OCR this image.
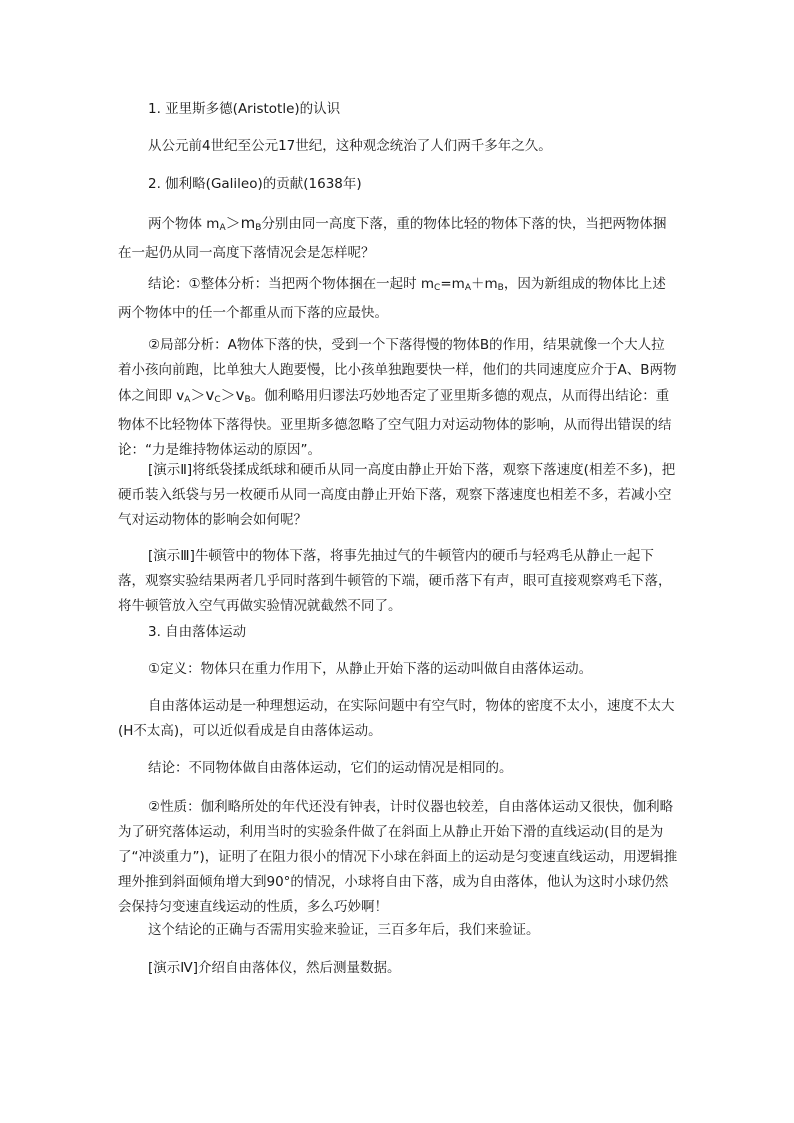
1. 亚里斯多德(Aristotle)的认识

从公元前4世纪至公元17世纪，这种观念统治了人们两千多年之久。

2. 伽利略(Galileo)的贡献(1638年)

两个物体 $m_A>m_B$分别由同一高度下落，重的物体比轻的物体下落的快，当把两物体捆在一起仍从同一高度下落情况会是怎样呢？

结论：①整体分析：当把两个物体捆在一起时 $m_C=m_A+m_B$，因为新组成的物体比上述两个物体中的任一个都重从而下落的应最快。

②局部分析：A物体下落的快，受到一个下落得慢的物体B的作用，结果就像一个大人拉着小孩向前跑，比单独大人跑要慢，比小孩单独跑要快一样，他们的共同速度应介于A、B两物体之间即 $v_A>v_C>v_B$。伽利略用归谬法巧妙地否定了亚里斯多德的观点，从而得出结论：重物体不比轻物体下落得快。亚里斯多德忽略了空气阻力对运动物体的影响，从而得出错误的结论：“力是维持物体运动的原因”。

[演示Ⅱ]将纸袋揉成纸球和硬币从同一高度由静止开始下落，观察下落速度(相差不多)，把硬币装入纸袋与另一枚硬币从同一高度由静止开始下落，观察下落速度也相差不多，若减小空气对运动物体的影响会如何呢？

[演示Ⅲ]牛顿管中的物体下落，将事先抽过气的牛顿管内的硬币与轻鸡毛从静止一起下落，观察实验结果两者几乎同时落到牛顿管的下端，硬币落下有声，眼可直接观察鸡毛下落，将牛顿管放入空气再做实验情况就截然不同了。

3. 自由落体运动

①定义：物体只在重力作用下，从静止开始下落的运动叫做自由落体运动。

自由落体运动是一种理想运动，在实际问题中有空气时，物体的密度不太小，速度不太大(H不太高)，可以近似看成是自由落体运动。

结论：不同物体做自由落体运动，它们的运动情况是相同的。

②性质：伽利略所处的年代还没有钟表，计时仪器也较差，自由落体运动又很快，伽利略为了研究落体运动，利用当时的实验条件做了在斜面上从静止开始下滑的直线运动(目的是为了“冲淡重力”)，证明了在阻力很小的情况下小球在斜面上的运动是匀变速直线运动，用逻辑推理外推到斜面倾角增大到90°的情况，小球将自由下落，成为自由落体，他认为这时小球仍然会保持匀变速直线运动的性质，多么巧妙啊！

这个结论的正确与否需用实验来验证，三百多年后，我们来验证。

[演示Ⅳ]介绍自由落体仪，然后测量数据。
